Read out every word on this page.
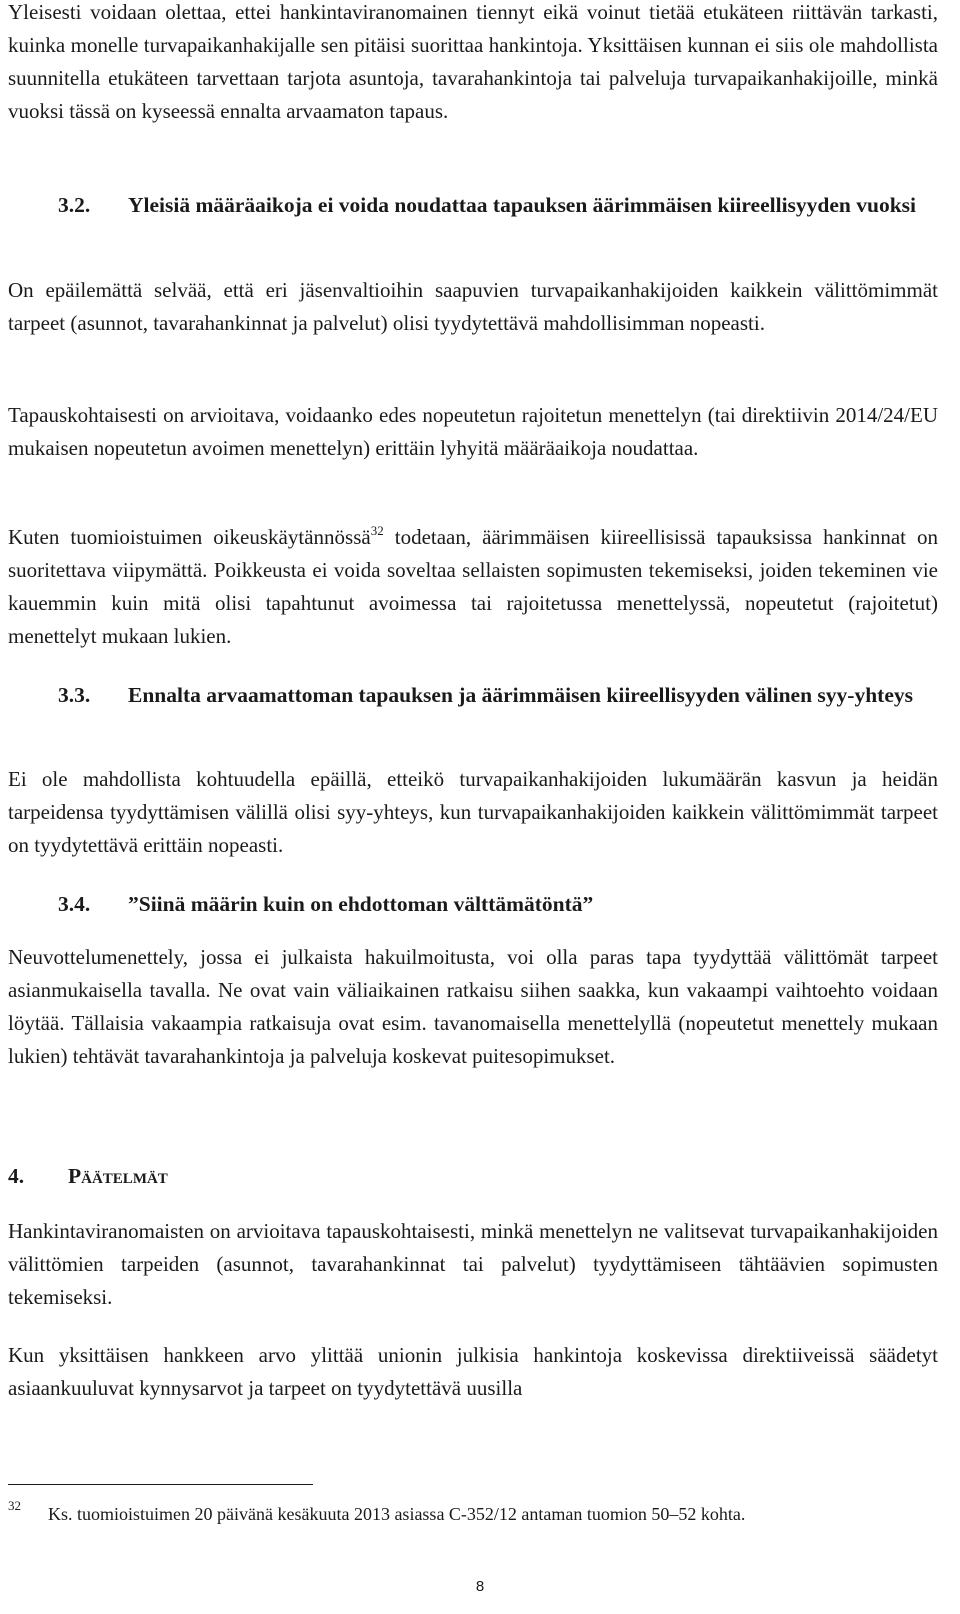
Yleisesti voidaan olettaa, ettei hankintaviranomainen tiennyt eikä voinut tietää etukäteen riittävän tarkasti, kuinka monelle turvapaikanhakijalle sen pitäisi suorittaa hankintoja. Yksittäisen kunnan ei siis ole mahdollista suunnitella etukäteen tarvettaan tarjota asuntoja, tavarahankintoja tai palveluja turvapaikanhakijoille, minkä vuoksi tässä on kyseessä ennalta arvaamaton tapaus.

3.2.	Yleisiä määräaikoja ei voida noudattaa tapauksen äärimmäisen kiireellisyyden vuoksi

On epäilemättä selvää, että eri jäsenvaltioihin saapuvien turvapaikanhakijoiden kaikkein välittömimmät tarpeet (asunnot, tavarahankinnat ja palvelut) olisi tyydytettävä mahdollisimman nopeasti.

Tapauskohtaisesti on arvioitava, voidaanko edes nopeutetun rajoitetun menettelyn (tai direktiivin 2014/24/EU mukaisen nopeutetun avoimen menettelyn) erittäin lyhyitä määräaikoja noudattaa.

Kuten tuomioistuimen oikeuskäytännössä$^{32}$ todetaan, äärimmäisen kiireellisissä tapauksissa hankinnat on suoritettava viipymättä. Poikkeusta ei voida soveltaa sellaisten sopimusten tekemiseksi, joiden tekeminen vie kauemmin kuin mitä olisi tapahtunut avoimessa tai rajoitetussa menettelyssä, nopeutetut (rajoitetut) menettelyt mukaan lukien.

3.3.	Ennalta arvaamattoman tapauksen ja äärimmäisen kiireellisyyden välinen syy-yhteys

Ei ole mahdollista kohtuudella epäillä, etteikö turvapaikanhakijoiden lukumäärän kasvun ja heidän tarpeidensa tyydyttämisen välillä olisi syy-yhteys, kun turvapaikanhakijoiden kaikkein välittömimmät tarpeet on tyydytettävä erittäin nopeasti.

3.4.	”Siinä määrin kuin on ehdottoman välttämätöntä”

Neuvottelumenettely, jossa ei julkaista hakuilmoitusta, voi olla paras tapa tyydyttää välittömät tarpeet asianmukaisella tavalla. Ne ovat vain väliaikainen ratkaisu siihen saakka, kun vakaampi vaihtoehto voidaan löytää. Tällaisia vakaampia ratkaisuja ovat esim. tavanomaisella menettelyllä (nopeutetut menettely mukaan lukien) tehtävät tavarahankintoja ja palveluja koskevat puitesopimukset.

4.	Päätelmät

Hankintaviranomaisten on arvioitava tapauskohtaisesti, minkä menettelyn ne valitsevat turvapaikanhakijoiden välittömien tarpeiden (asunnot, tavarahankinnat tai palvelut) tyydyttämiseen tähtäävien sopimusten tekemiseksi.

Kun yksittäisen hankkeen arvo ylittää unionin julkisia hankintoja koskevissa direktiiveissä säädetyt asiaankuuluvat kynnysarvot ja tarpeet on tyydytettävä uusilla

32	Ks. tuomioistuimen 20 päivänä kesäkuuta 2013 asiassa C-352/12 antaman tuomion 50–52 kohta.
8
